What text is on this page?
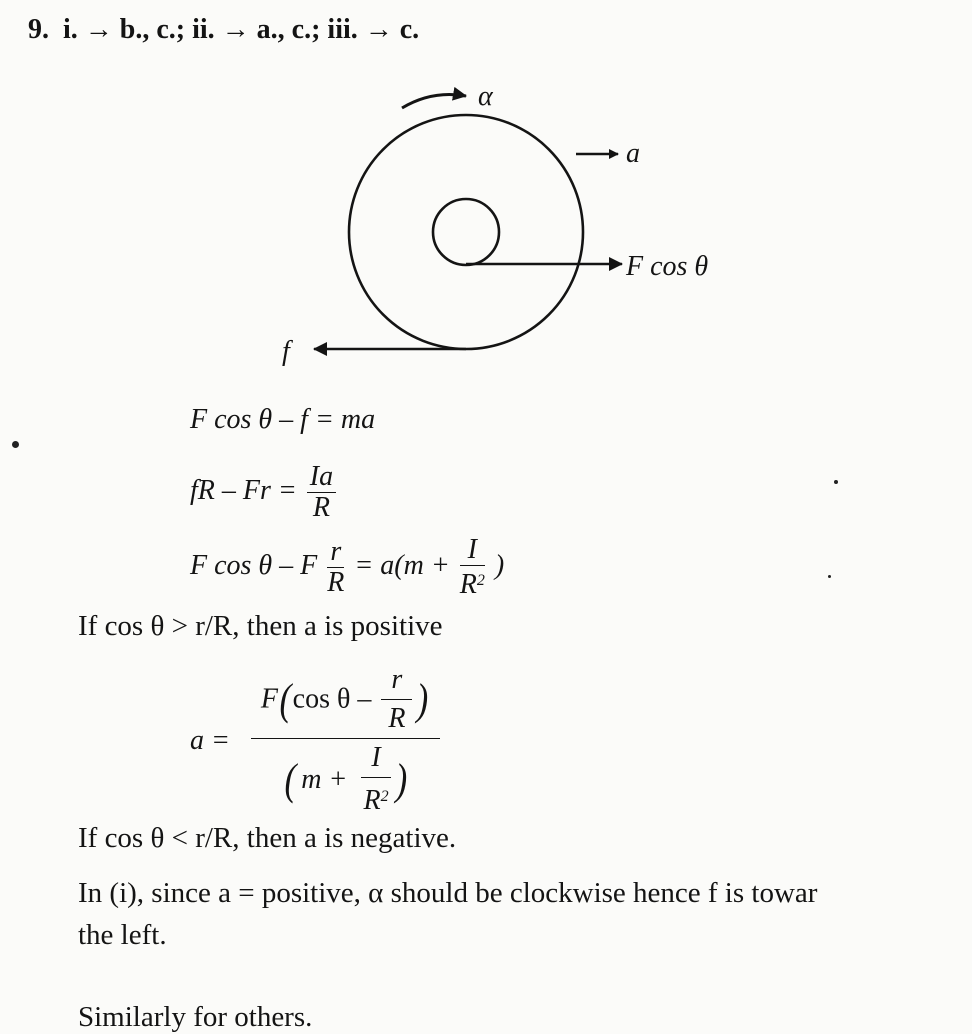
9. i. → b., c.; ii. → a., c.; iii. → c.
α
a
F cos θ
f
F cos θ – f = ma
fR – $Fr = \frac{Ia}{R}$
F cos θ – F $\frac{r}{R} = a(m + \frac{I}{R^2}$ )
If cos θ > r/R, then a is positive
$a = \frac{F(\cos \theta - \frac{r}{R} )}{( m + \frac{I}{R^2} )}$
If cos θ < r/R, then a is negative.
In (i), since a = positive, α should be clockwise hence f is towar
the left.
Similarly for others.
